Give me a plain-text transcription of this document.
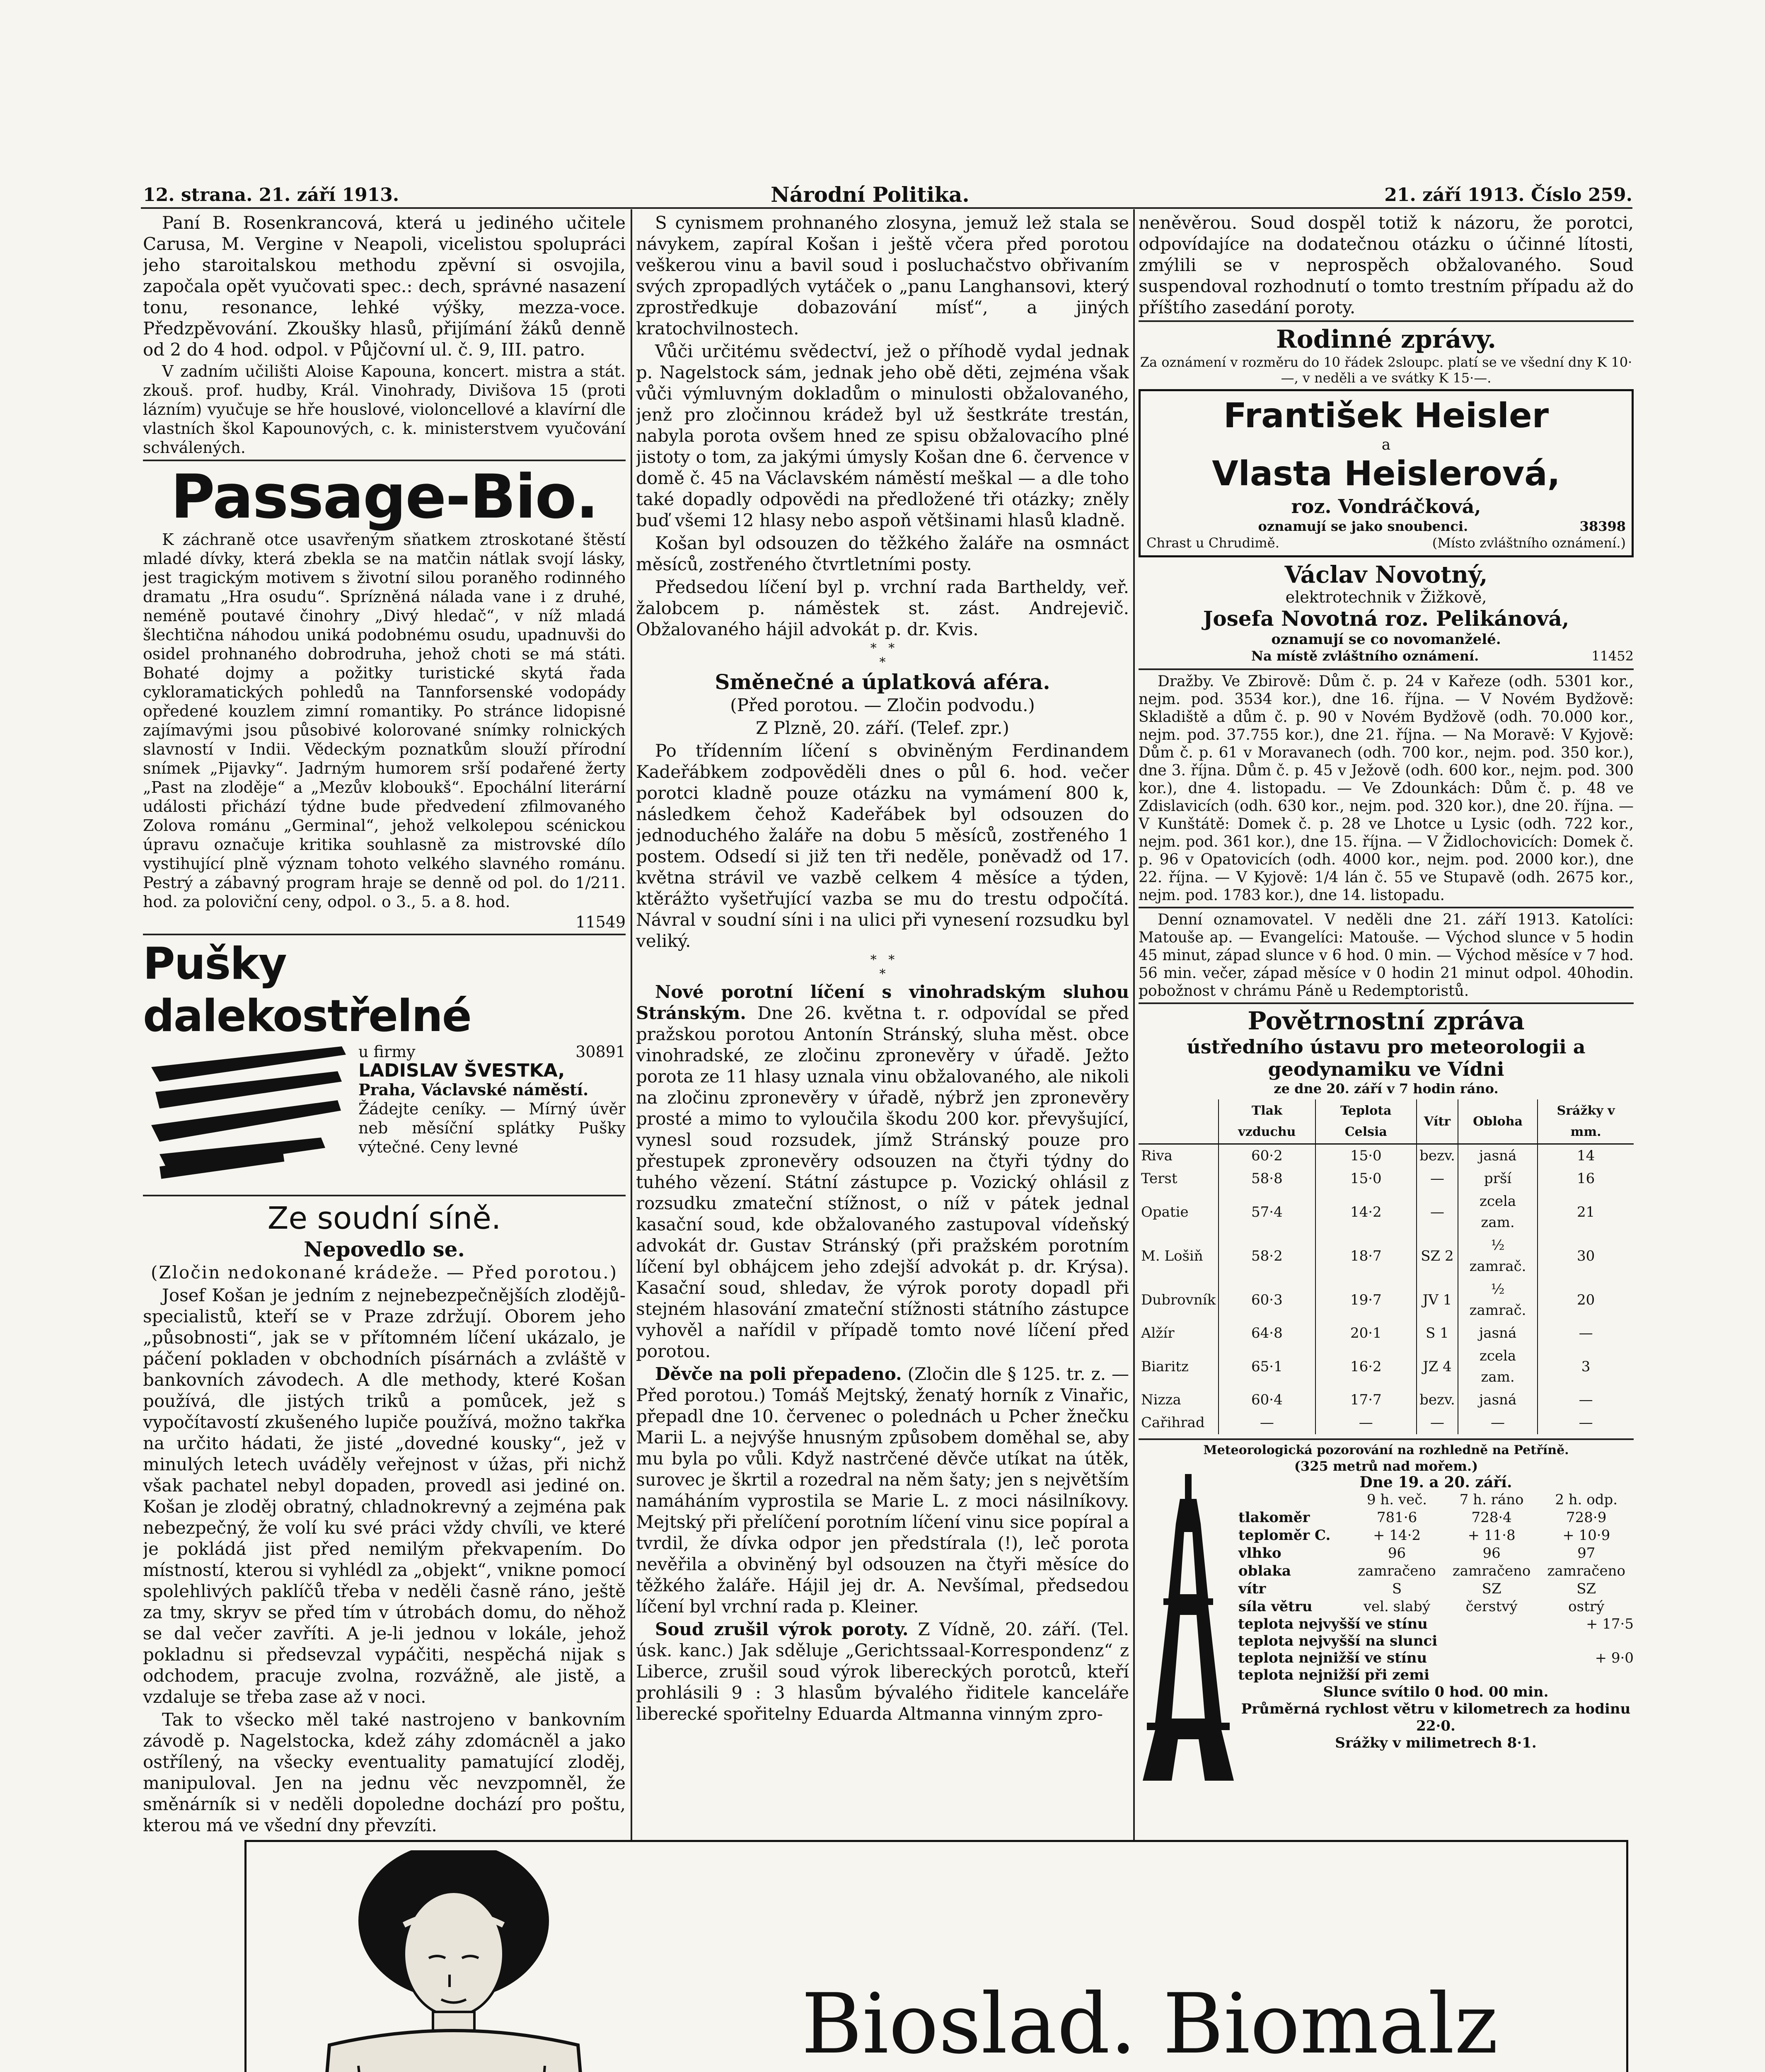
12. strana. 21. září 1913.	Národní Politika.	21. září 1913. Číslo 259.

Paní B. Rosenkrancová, která u jediného učitele Carusa, M. Vergine v Neapoli, vicelistou spolupráci jeho staroitalskou methodu zpěvní si osvojila, započala opět vyučovati spec.: dech, správné nasazení tonu, resonance, lehké výšky, mezza-voce. Předzpěvování. Zkoušky hlasů, přijímání žáků denně od 2 do 4 hod. odpol. v Půjčovní ul. č. 9, III. patro.

V zadním učilišti Aloise Kapouna, koncert. mistra a stát. zkouš. prof. hudby, Král. Vinohrady, Divišova 15 (proti lázním) vyučuje se hře houslové, violoncellové a klavírní dle vlastních škol Kapounových, c. k. ministerstvem vyučování schválených.

Passage-Bio.

K záchraně otce usavřeným sňatkem ztroskotané štěstí mladé dívky, která zbekla se na matčin nátlak svojí lásky, jest tragickým motivem s životní silou poraněho rodinného dramatu „Hra osudu“. Sprízněná nálada vane i z druhé, neméně poutavé činohry „Divý hledač“, v níž mladá šlechtična náhodou uniká podobnému osudu, upadnuvši do osidel prohnaného dobrodruha, jehož choti se má státi. Bohaté dojmy a požitky turistické skytá řada cykloramatických pohledů na Tannforsenské vodopády opředené kouzlem zimní romantiky. Po stránce lidopisné zajímavými jsou působivé kolorované snímky rolnických slavností v Indii. Vědeckým poznatkům slouží přírodní snímek „Pijavky“. Jadrným humorem srší podařené žerty „Past na zloděje“ a „Mezův kloboukš“. Epochální literární události přichází týdne bude předvedení zfilmovaného Zolova románu „Germinal“, jehož velkolepou scénickou úpravu označuje kritika souhlasně za mistrovské dílo vystihující plně význam tohoto velkého slavného románu. Pestrý a zábavný program hraje se denně od pol. do 1/211. hod. za poloviční ceny, odpol. o 3., 5. a 8. hod.

11549
Pušky dalekostřelné
u firmy	30891
LADISLAV ŠVESTKA,
Praha, Václavské náměstí.
Žádejte ceníky. — Mírný úvěr neb měsíční splátky Pušky výtečné. Ceny levné
Ze soudní síně.
Nepovedlo se.

(Zločin nedokonané krádeže. — Před porotou.)

Josef Košan je jedním z nejnebezpečnějších zlodějů-specialistů, kteří se v Praze zdržují. Oborem jeho „působnosti“, jak se v přítomném líčení ukázalo, je páčení pokladen v obchodních písárnách a zvláště v bankovních závodech. A dle methody, které Košan používá, dle jistých triků a pomůcek, jež s vypočítavostí zkušeného lupiče používá, možno takřka na určito hádati, že jisté „dovedné kousky“, jež v minulých letech uváděly veřejnost v úžas, při nichž však pachatel nebyl dopaden, provedl asi jediné on. Košan je zloděj obratný, chladnokrevný a zejména pak nebezpečný, že volí ku své práci vždy chvíli, ve které je pokládá jist před nemilým překvapením. Do místností, kterou si vyhlédl za „objekt“, vnikne pomocí spolehlivých paklíčů třeba v neděli časně ráno, ještě za tmy, skryv se před tím v útrobách domu, do něhož se dal večer zavříti. A je-li jednou v lokále, jehož pokladnu si předsevzal vypáčiti, nespěchá nijak s odchodem, pracuje zvolna, rozvážně, ale jistě, a vzdaluje se třeba zase až v noci.

Tak to všecko měl také nastrojeno v bankovním závodě p. Nagelstocka, kdež záhy zdomácněl a jako ostřílený, na všecky eventuality pamatující zloděj, manipuloval. Jen na jednu věc nevzpomněl, že směnárník si v neděli dopoledne dochází pro poštu, kterou má ve všední dny převzíti.

S cynismem prohnaného zlosyna, jemuž lež stala se návykem, zapíral Košan i ještě včera před porotou veškerou vinu a bavil soud i posluchačstvo obřivaním svých zpropadlých vytáček o „panu Langhansovi, který zprostředkuje dobazování mísť“, a jiných kratochvilnostech.

Vůči určitému svědectví, jež o příhodě vydal jednak p. Nagelstock sám, jednak jeho obě děti, zejména však vůči výmluvným dokladům o minulosti obžalovaného, jenž pro zločinnou krádež byl už šestkráte trestán, nabyla porota ovšem hned ze spisu obžalovacího plné jistoty o tom, za jakými úmysly Košan dne 6. července v domě č. 45 na Václavském náměstí meškal — a dle toho také dopadly odpovědi na předložené tři otázky; zněly buď všemi 12 hlasy nebo aspoň většinami hlasů kladně.

Košan byl odsouzen do těžkého žaláře na osmnáct měsíců, zostřeného čtvrtletními posty.

Předsedou líčení byl p. vrchní rada Bartheldy, veř. žalobcem p. náměstek st. zást. Andrejevič. Obžalovaného hájil advokát p. dr. Kvis.

*   *
*
Směnečné a úplatková aféra.

(Před porotou. — Zločin podvodu.)

Z Plzně, 20. září. (Telef. zpr.)

Po třídenním líčení s obviněným Ferdinandem Kadeřábkem zodpověděli dnes o půl 6. hod. večer porotci kladně pouze otázku na vymámení 800 k, následkem čehož Kadeřábek byl odsouzen do jednoduchého žaláře na dobu 5 měsíců, zostřeného 1 postem. Odsedí si již ten tři neděle, poněvadž od 17. května strávil ve vazbě celkem 4 měsíce a týden, ktěrážto vyšetřující vazba se mu do trestu odpočítá. Návral v soudní síni i na ulici při vynesení rozsudku byl veliký.

*   *
*

Nové porotní líčení s vinohradským sluhou Stránským. Dne 26. května t. r. odpovídal se před pražskou porotou Antonín Stránský, sluha měst. obce vinohradské, ze zločinu zpronevěry v úřadě. Ježto porota ze 11 hlasy uznala vinu obžalovaného, ale nikoli na zločinu zpronevěry v úřadě, nýbrž jen zpronevěry prosté a mimo to vyloučila škodu 200 kor. převyšující, vynesl soud rozsudek, jímž Stránský pouze pro přestupek zpronevěry odsouzen na čtyři týdny do tuhého vězení. Státní zástupce p. Vozický ohlásil z rozsudku zmateční stížnost, o níž v pátek jednal kasační soud, kde obžalovaného zastupoval vídeňský advokát dr. Gustav Stránský (při pražském porotním líčení byl obhájcem jeho zdejší advokát p. dr. Krýsa). Kasační soud, shledav, že výrok poroty dopadl při stejném hlasování zmateční stížnosti státního zástupce vyhověl a nařídil v případě tomto nové líčení před porotou.

Děvče na poli přepadeno. (Zločin dle § 125. tr. z. — Před porotou.) Tomáš Mejtský, ženatý horník z Vinařic, přepadl dne 10. červenec o polednách u Pcher žnečku Marii L. a nejvýše hnusným způsobem doměhal se, aby mu byla po vůli. Když nastrčené děvče utíkat na útěk, surovec je škrtil a rozedral na něm šaty; jen s největším namáháním vyprostila se Marie L. z moci násilníkovy. Mejtský při přelíčení porotním líčení vinu sice popíral a tvrdil, že dívka odpor jen předstírala (!), leč porota nevěřila a obviněný byl odsouzen na čtyři měsíce do těžkého žaláře. Hájil jej dr. A. Nevšímal, předsedou líčení byl vrchní rada p. Kleiner.

Soud zrušil výrok poroty. Z Vídně, 20. září. (Tel. úsk. kanc.) Jak sděluje „Gerichtssaal-Korrespondenz“ z Liberce, zrušil soud výrok libereckých porotců, kteří prohlásili 9 : 3 hlasům bývalého řiditele kanceláře liberecké spořitelny Eduarda Altmanna vinným zpro-

neněvěrou. Soud dospěl totiž k názoru, že porotci, odpovídajíce na dodatečnou otázku o účinné lítosti, zmýlili se v neprospěch obžalovaného. Soud suspendoval rozhodnutí o tomto trestním případu až do příštího zasedání poroty.

Rodinné zprávy.

Za oznámení v rozměru do 10 řádek 2sloupc. platí se ve všední dny K 10·—, v neděli a ve svátky K 15·—.

František Heisler
a
Vlasta Heislerová,
roz. Vondráčková,
oznamují se jako snoubenci.	38398
Chrast u Chrudimě.	(Místo zvláštního oznámení.)
Václav Novotný,
elektrotechnik v Žižkově,
Josefa Novotná roz. Pelikánová,
oznamují se co novomanželé.
Na místě zvláštního oznámení.	11452

Dražby. Ve Zbirově: Dům č. p. 24 v Kařeze (odh. 5301 kor., nejm. pod. 3534 kor.), dne 16. října. — V Novém Bydžově: Skladiště a dům č. p. 90 v Novém Bydžově (odh. 70.000 kor., nejm. pod. 37.755 kor.), dne 21. října. — Na Moravě: V Kyjově: Dům č. p. 61 v Moravanech (odh. 700 kor., nejm. pod. 350 kor.), dne 3. října. Dům č. p. 45 v Ježově (odh. 600 kor., nejm. pod. 300 kor.), dne 4. listopadu. — Ve Zdounkách: Dům č. p. 48 ve Zdislavicích (odh. 630 kor., nejm. pod. 320 kor.), dne 20. října. — V Kunštátě: Domek č. p. 28 ve Lhotce u Lysic (odh. 722 kor., nejm. pod. 361 kor.), dne 15. října. — V Židlochovicích: Domek č. p. 96 v Opatovicích (odh. 4000 kor., nejm. pod. 2000 kor.), dne 22. října. — V Kyjově: 1/4 lán č. 55 ve Stupavě (odh. 2675 kor., nejm. pod. 1783 kor.), dne 14. listopadu.

Denní oznamovatel. V neděli dne 21. září 1913. Katolíci: Matouše ap. — Evangelíci: Matouše. — Východ slunce v 5 hodin 45 minut, západ slunce v 6 hod. 0 min. — Východ měsíce v 7 hod. 56 min. večer, západ měsíce v 0 hodin 21 minut odpol. 40hodin. pobožnost v chrámu Páně u Redemptoristů.

Povětrnostní zpráva
ústředního ústavu pro meteorologii a geodynamiku ve Vídni
ze dne 20. září v 7 hodin ráno.
	Tlak vzduchu	Teplota Celsia	Vítr	Obloha	Srážky v mm.
Riva	60·2	15·0	bezv.	jasná	14
Terst	58·8	15·0	—	prší	16
Opatie	57·4	14·2	—	zcela zam.	21
M. Lošiň	58·2	18·7	SZ 2	½ zamrač.	30
Dubrovník	60·3	19·7	JV 1	½ zamrač.	20
Alžír	64·8	20·1	S 1	jasná	—
Biaritz	65·1	16·2	JZ 4	zcela zam.	3
Nizza	60·4	17·7	bezv.	jasná	—
Cařihrad	—	—	—	—	—
Meteorologická pozorování na rozhledně na Petříně.
(325 metrů nad mořem.)
Dne 19. a 20. září.
	9 h. več.	7 h. ráno	2 h. odp.
tlakoměr	781·6	728·4	728·9
teploměr C.	+ 14·2	+ 11·8	+ 10·9
vlhko	96	96	97
oblaka	zamračeno	zamračeno	zamračeno
vítr	S	SZ	SZ
síla větru	vel. slabý	čerstvý	ostrý
teplota nejvyšší ve stínu	+ 17·5
teplota nejvyšší na slunci
teplota nejnižší ve stínu	+ 9·0
teplota nejnižší při zemi
Slunce svítilo 0 hod. 00 min.
Průměrná rychlost větru v kilometrech za hodinu 22·0.
Srážky v milimetrech 8·1.
Bioslad. Biomalz
